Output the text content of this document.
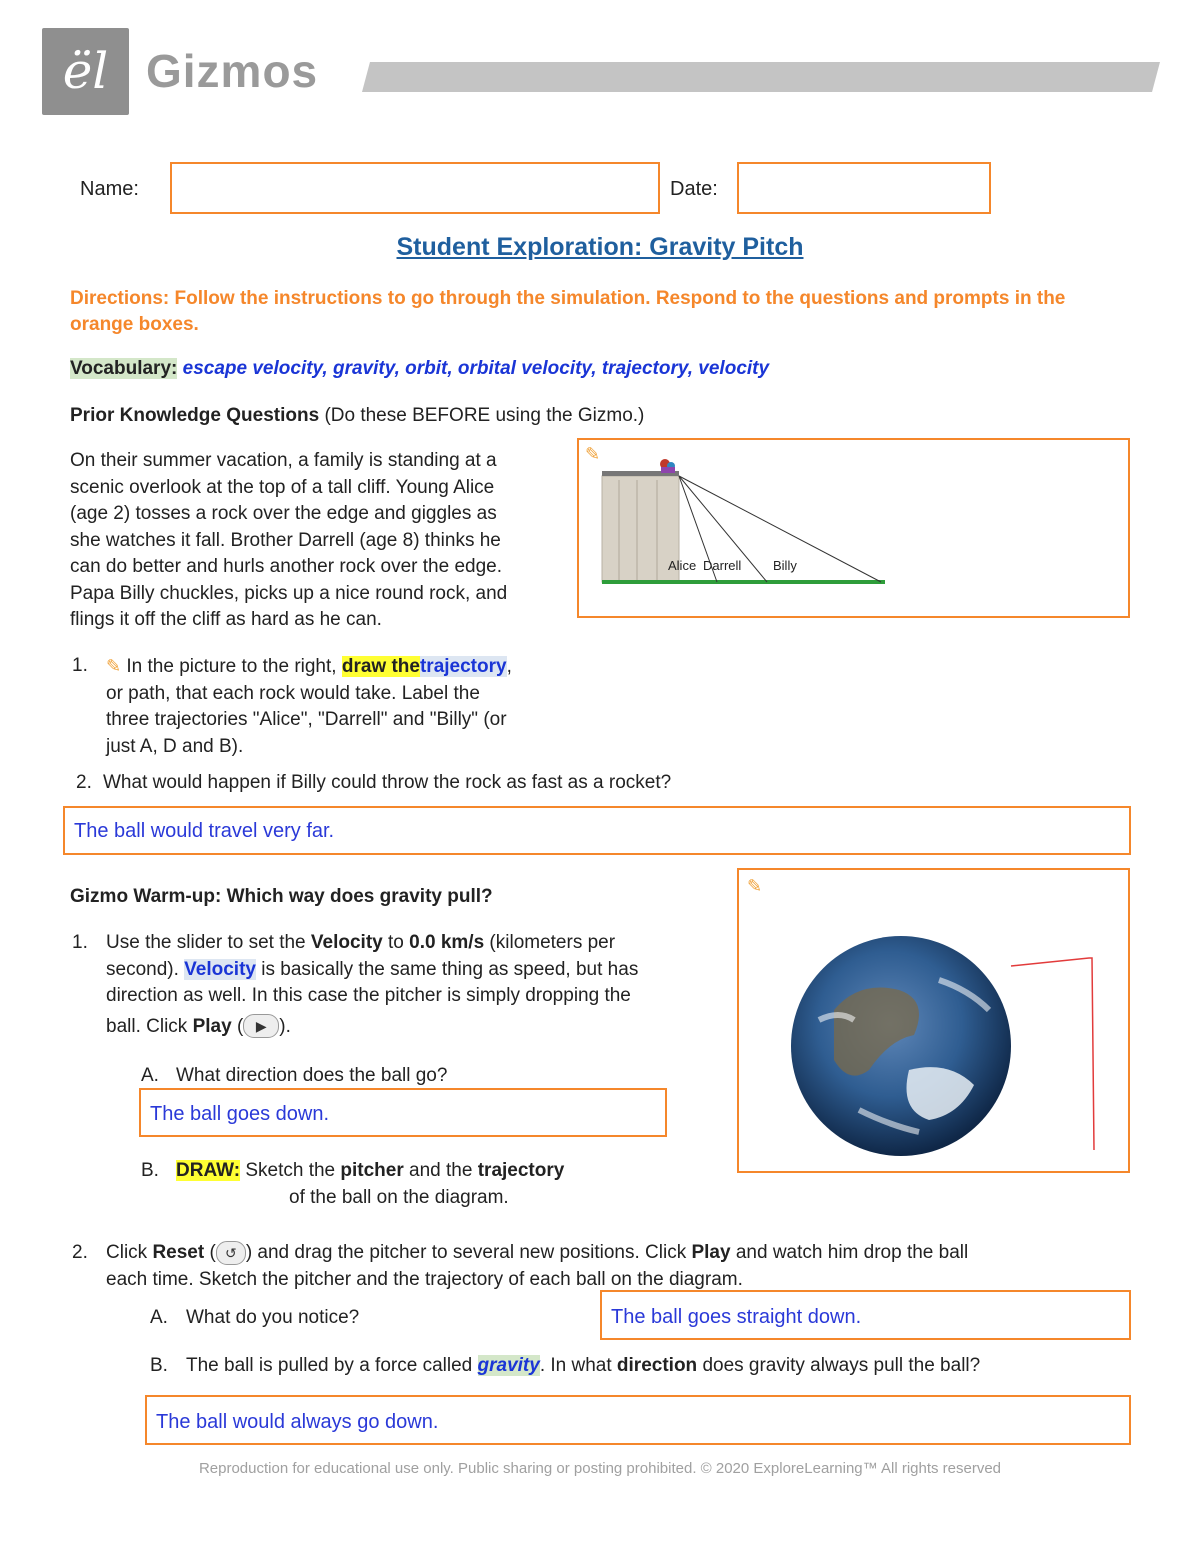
ël Gizmos
Name:	Date:
Student Exploration: Gravity Pitch
Directions: Follow the instructions to go through the simulation. Respond to the questions and prompts in the orange boxes.
Vocabulary: escape velocity, gravity, orbit, orbital velocity, trajectory, velocity
Prior Knowledge Questions (Do these BEFORE using the Gizmo.)
On their summer vacation, a family is standing at a
scenic overlook at the top of a tall cliff. Young Alice
(age 2) tosses a rock over the edge and giggles as
she watches it fall. Brother Darrell (age 8) thinks he
can do better and hurls another rock over the edge.
Papa Billy chuckles, picks up a nice round rock, and
flings it off the cliff as hard as he can.
✎
Alice Darrell Billy
1. ✎ In the picture to the right, draw thetrajectory,
or path, that each rock would take. Label the
three trajectories "Alice", "Darrell" and "Billy" (or
just A, D and B).
2. What would happen if Billy could throw the rock as fast as a rocket?
The ball would travel very far.
Gizmo Warm-up: Which way does gravity pull?	✎
1. Use the slider to set the Velocity to 0.0 km/s (kilometers per
second). Velocity is basically the same thing as speed, but has
direction as well. In this case the pitcher is simply dropping the
ball. Click Play ( ▶ ).
A. What direction does the ball go?
The ball goes down.
B. DRAW: Sketch the pitcher and the trajectory
of the ball on the diagram.
2. Click Reset ( ↺ ) and drag the pitcher to several new positions. Click Play and watch him drop the ball
each time. Sketch the pitcher and the trajectory of each ball on the diagram.
A. What do you notice?	The ball goes straight down.
B. The ball is pulled by a force called gravity. In what direction does gravity always pull the ball?
The ball would always go down.
Reproduction for educational use only. Public sharing or posting prohibited. © 2020 ExploreLearning™ All rights reserved
